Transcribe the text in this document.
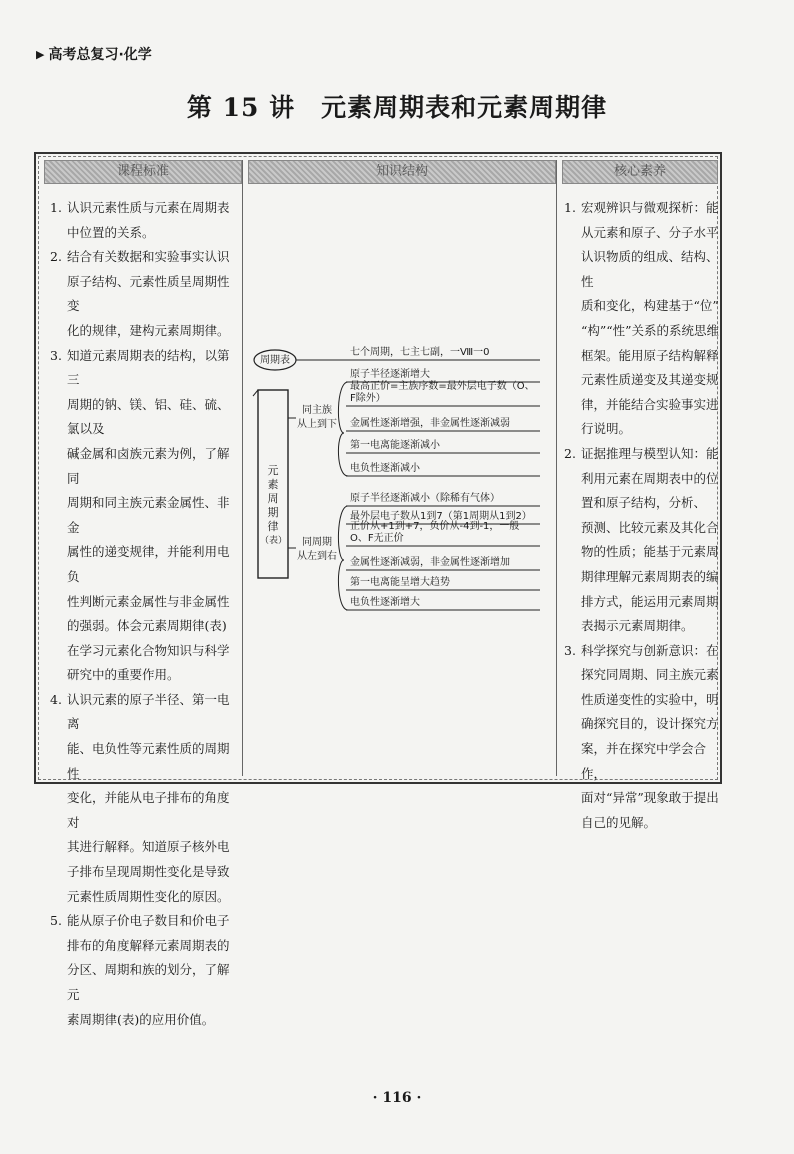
▶ 高考总复习·化学
第 15 讲　元素周期表和元素周期律
课程标准	知识结构	核心素养
1. 认识元素性质与元素在周期表
中位置的关系。
2. 结合有关数据和实验事实认识
原子结构、元素性质呈周期性变
化的规律，建构元素周期律。
3. 知道元素周期表的结构，以第三
周期的钠、镁、铝、硅、硫、氯以及
碱金属和卤族元素为例，了解同
周期和同主族元素金属性、非金
属性的递变规律，并能利用电负
性判断元素金属性与非金属性
的强弱。体会元素周期律(表)
在学习元素化合物知识与科学
研究中的重要作用。
4. 认识元素的原子半径、第一电离
能、电负性等元素性质的周期性
变化，并能从电子排布的角度对
其进行解释。知道原子核外电
子排布呈现周期性变化是导致
元素性质周期性变化的原因。
5. 能从原子价电子数目和价电子
排布的角度解释元素周期表的
分区、周期和族的划分，了解元
素周期律(表)的应用价值。
1. 宏观辨识与微观探析：能
从元素和原子、分子水平
认识物质的组成、结构、性
质和变化，构建基于“位”
“构”“性”关系的系统思维
框架。能用原子结构解释
元素性质递变及其递变规
律，并能结合实验事实进
行说明。
2. 证据推理与模型认知：能
利用元素在周期表中的位
置和原子结构，分析、
预测、比较元素及其化合
物的性质；能基于元素周
期律理解元素周期表的编
排方式，能运用元素周期
表揭示元素周期律。
3. 科学探究与创新意识：在
探究同周期、同主族元素
性质递变性的实验中，明
确探究目的，设计探究方
案，并在探究中学会合作，
面对“异常”现象敢于提出
自己的见解。
周期表
七个周期，七主七副，一Ⅷ一0
元
素
周
期
律
（表）
同主族
从上到下
同周期
从左到右
原子半径逐渐增大
最高正价=主族序数=最外层电子数（O、
F除外）
金属性逐渐增强，非金属性逐渐减弱
第一电离能逐渐减小
电负性逐渐减小
原子半径逐渐减小（除稀有气体）
最外层电子数从1到7（第1周期从1到2）
正价从+1到+7，负价从-4到-1，一般
O、F无正价
金属性逐渐减弱，非金属性逐渐增加
第一电离能呈增大趋势
电负性逐渐增大
· 116 ·
